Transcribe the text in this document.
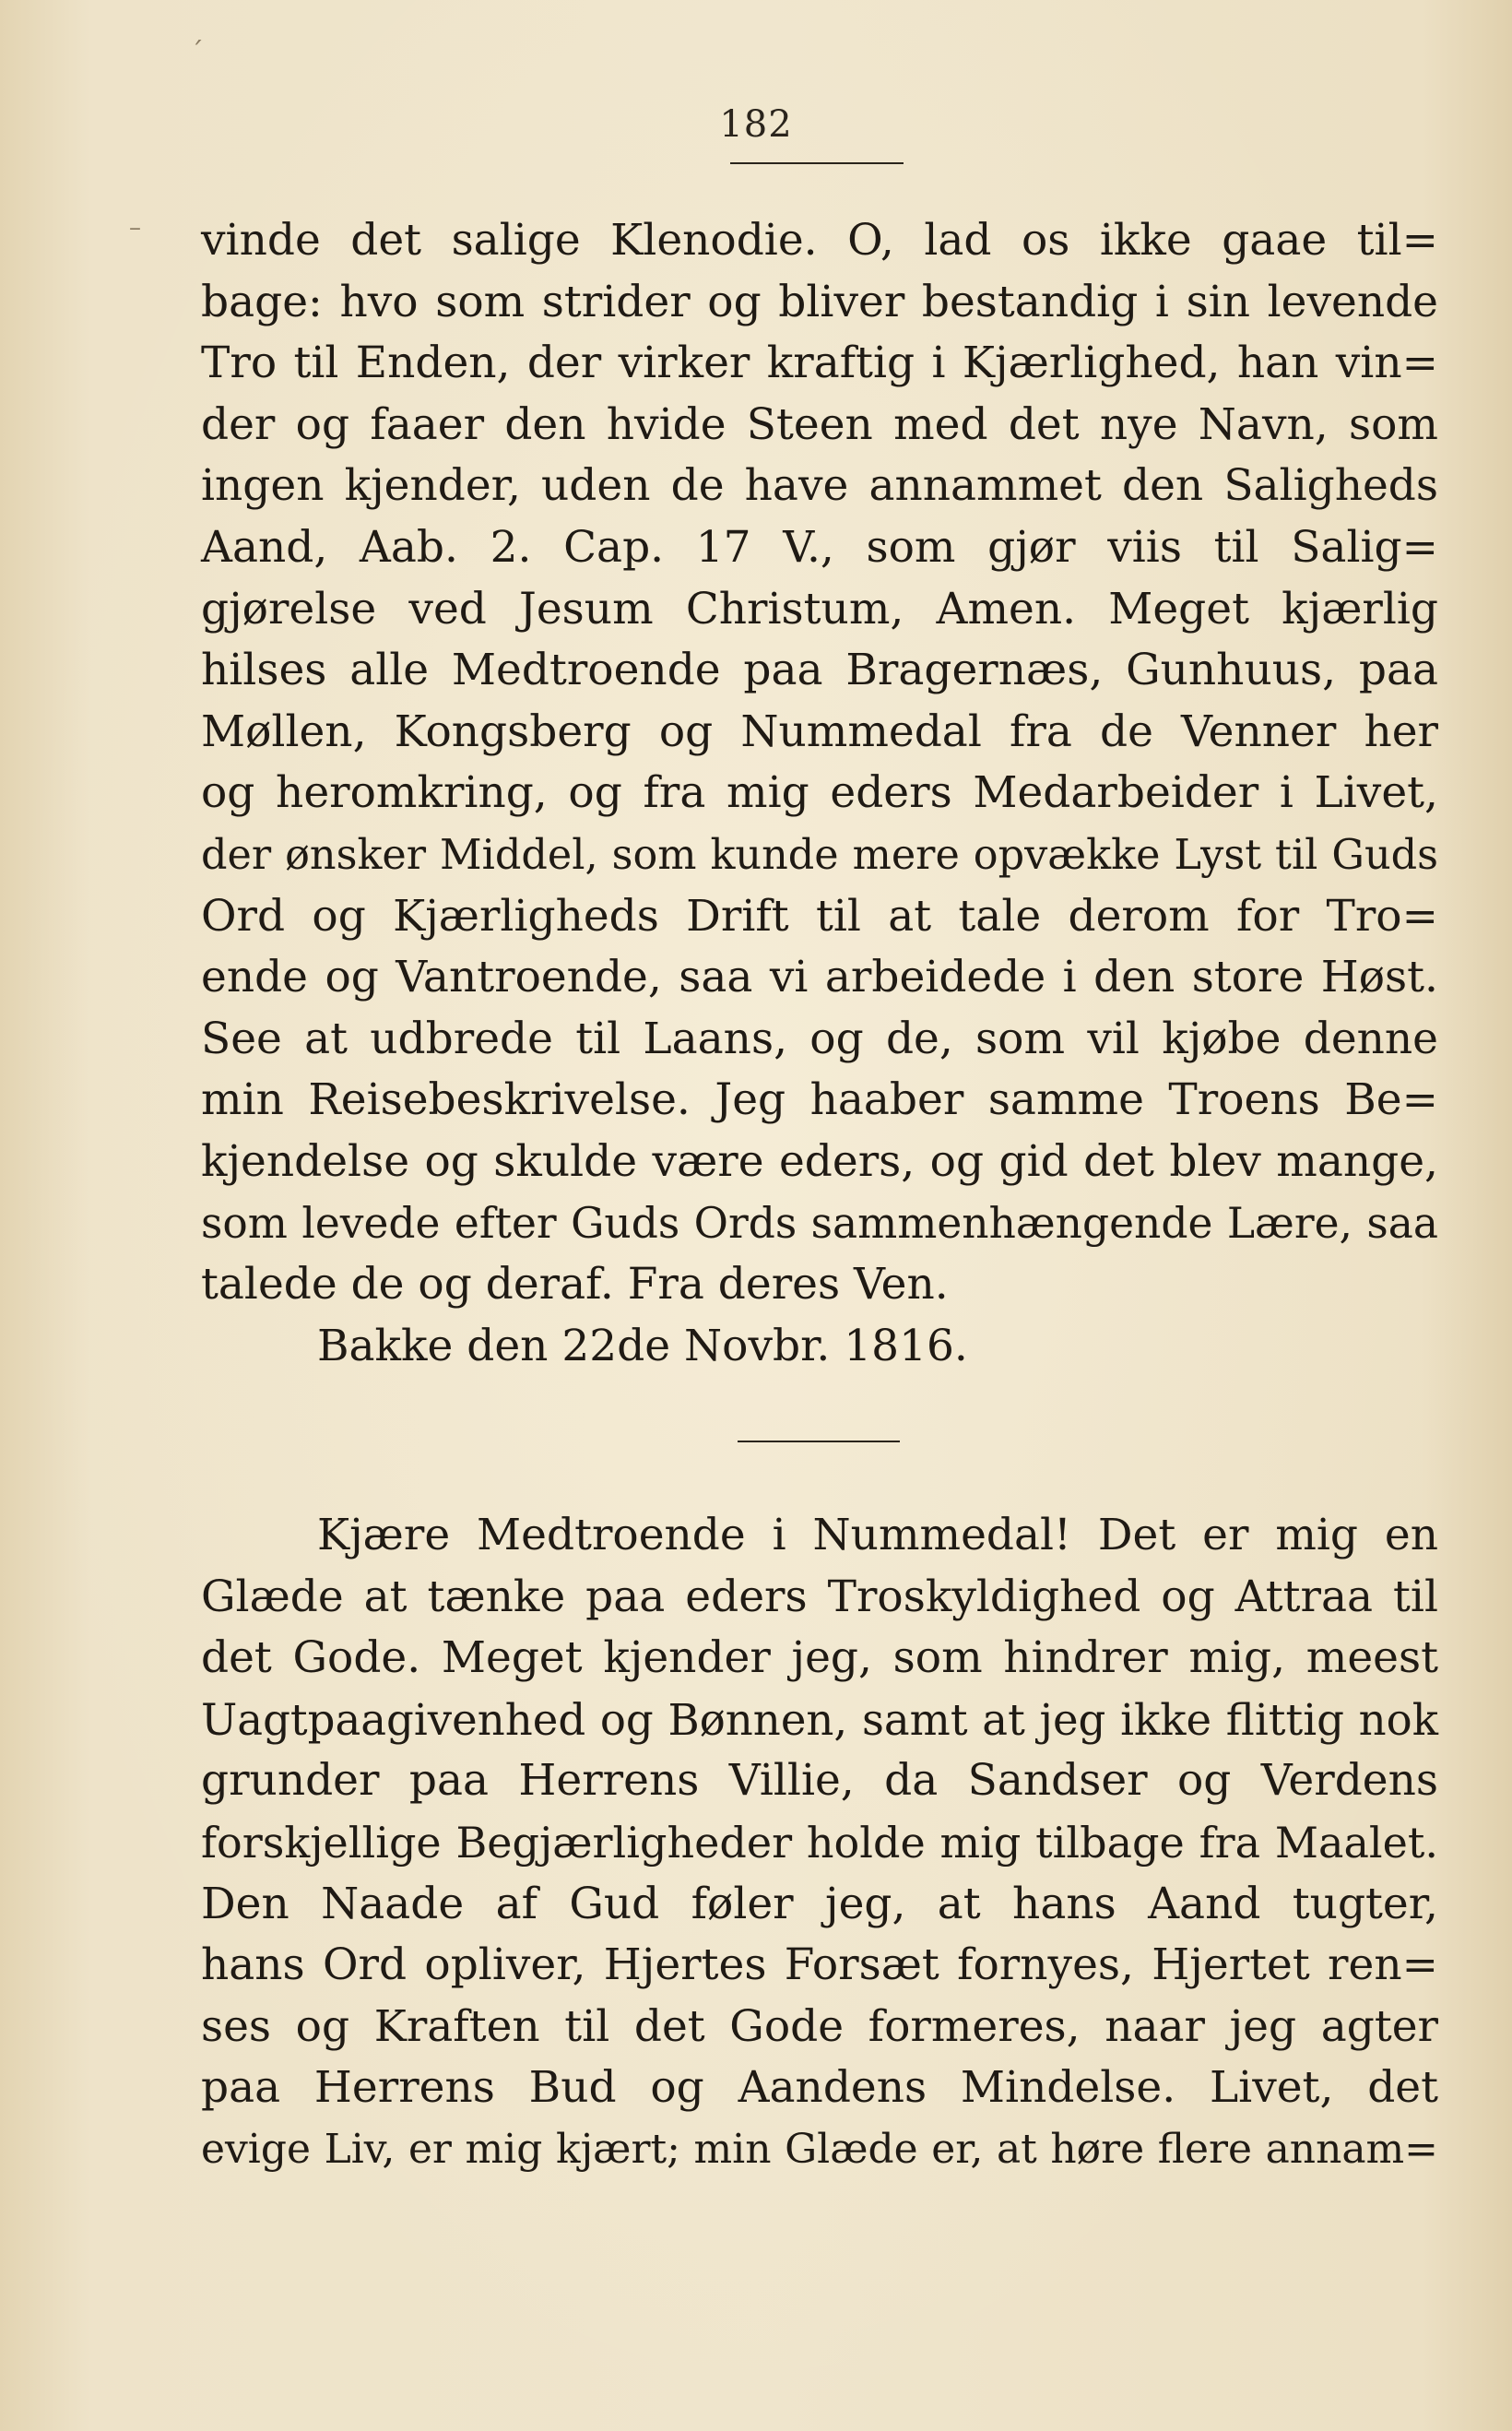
ˊ
–
182
vinde det salige Klenodie. O, lad os ikke gaae til=
bage: hvo som strider og bliver bestandig i sin levende
Tro til Enden, der virker kraftig i Kjærlighed, han vin=
der og faaer den hvide Steen med det nye Navn, som
ingen kjender, uden de have annammet den Saligheds
Aand, Aab. 2. Cap. 17 V., som gjør viis til Salig=
gjørelse ved Jesum Christum, Amen. Meget kjærlig
hilses alle Medtroende paa Bragernæs, Gunhuus, paa
Møllen, Kongsberg og Nummedal fra de Venner her
og heromkring, og fra mig eders Medarbeider i Livet,
der ønsker Middel, som kunde mere opvække Lyst til Guds
Ord og Kjærligheds Drift til at tale derom for Tro=
ende og Vantroende, saa vi arbeidede i den store Høst.
See at udbrede til Laans, og de, som vil kjøbe denne
min Reisebeskrivelse. Jeg haaber samme Troens Be=
kjendelse og skulde være eders, og gid det blev mange,
som levede efter Guds Ords sammenhængende Lære, saa
talede de og deraf. Fra deres Ven.
Bakke den 22de Novbr. 1816.
Kjære Medtroende i Nummedal! Det er mig en
Glæde at tænke paa eders Troskyldighed og Attraa til
det Gode. Meget kjender jeg, som hindrer mig, meest
Uagtpaagivenhed og Bønnen, samt at jeg ikke flittig nok
grunder paa Herrens Villie, da Sandser og Verdens
forskjellige Begjærligheder holde mig tilbage fra Maalet.
Den Naade af Gud føler jeg, at hans Aand tugter,
hans Ord opliver, Hjertes Forsæt fornyes, Hjertet ren=
ses og Kraften til det Gode formeres, naar jeg agter
paa Herrens Bud og Aandens Mindelse. Livet, det
evige Liv, er mig kjært; min Glæde er, at høre flere annam=
